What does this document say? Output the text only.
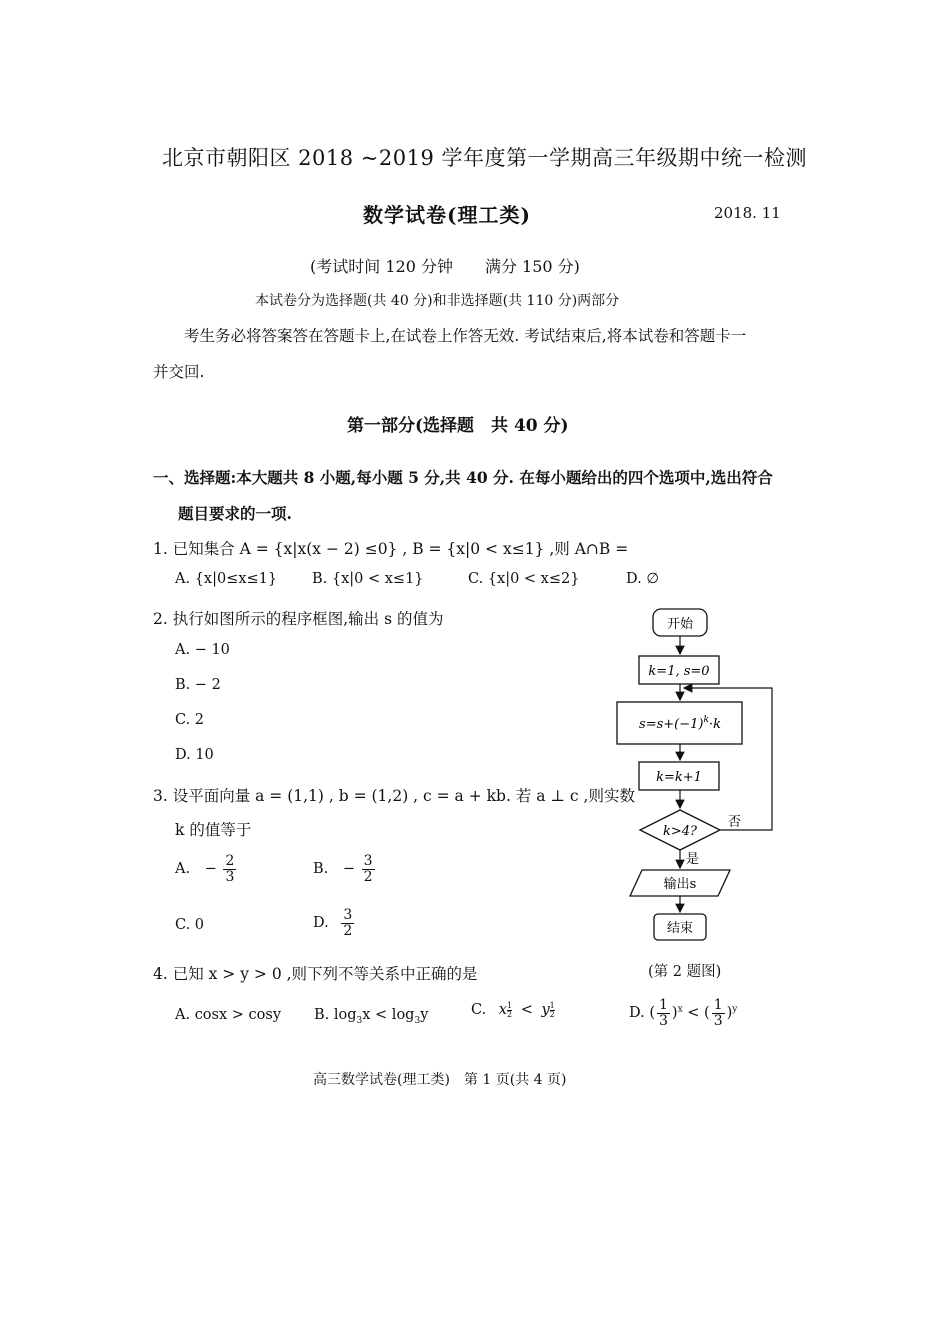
北京市朝阳区 2018 ~2019 学年度第一学期高三年级期中统一检测
数学试卷(理工类)	2018. 11
(考试时间 120 分钟　　满分 150 分)
本试卷分为选择题(共 40 分)和非选择题(共 110 分)两部分
考生务必将答案答在答题卡上,在试卷上作答无效. 考试结束后,将本试卷和答题卡一
并交回.
第一部分(选择题　共 40 分)
一、选择题:本大题共 8 小题,每小题 5 分,共 40 分. 在每小题给出的四个选项中,选出符合
题目要求的一项.
1. 已知集合 A = {x|x(x − 2) ≤0} , B = {x|0 < x≤1} ,则 A∩B =
A. {x|0≤x≤1} B. {x|0 < x≤1}	C. {x|0 < x≤2}	D. ∅
2. 执行如图所示的程序框图,输出 s 的值为
A. − 10
B. − 2
C. 2
D. 10
3. 设平面向量 a = (1,1) , b = (1,2) , c = a + kb. 若 a ⊥ c ,则实数
k 的值等于
A. − $\frac{2}{3}$	B. − $\frac{3}{2}$
C. 0	D. $\frac{3}{2}$
4. 已知 x > y > 0 ,则下列不等关系中正确的是
A. cosx > cosy B. $\log_3x < \log_3y$	C. x $\frac{1}{2} < y \frac{1}{2}$	D. ( $\frac{1}{3} )^x$ < ( $\frac{1}{3} )^y$
开始
k=1, s=0
$s=s+(-1)^k\cdot k$
k=k+1
k>4?
否
是
输出s
结束
(第 2 题图)
高三数学试卷(理工类)　第 1 页(共 4 页)
